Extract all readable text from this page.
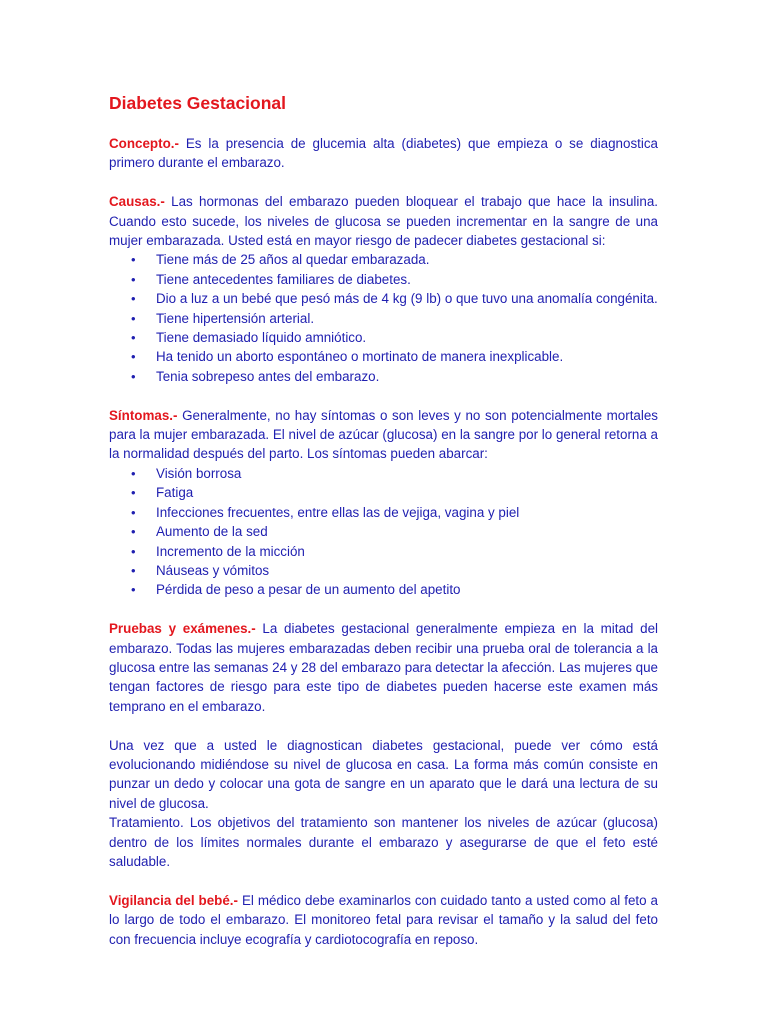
Diabetes Gestacional

Concepto.- Es la presencia de glucemia alta (diabetes) que empieza o se diagnostica primero durante el embarazo.

Causas.- Las hormonas del embarazo pueden bloquear el trabajo que hace la insulina. Cuando esto sucede, los niveles de glucosa se pueden incrementar en la sangre de una mujer embarazada. Usted está en mayor riesgo de padecer diabetes gestacional si:

• Tiene más de 25 años al quedar embarazada.
• Tiene antecedentes familiares de diabetes.
• Dio a luz a un bebé que pesó más de 4 kg (9 lb) o que tuvo una anomalía congénita.
• Tiene hipertensión arterial.
• Tiene demasiado líquido amniótico.
• Ha tenido un aborto espontáneo o mortinato de manera inexplicable.
• Tenia sobrepeso antes del embarazo.

Síntomas.- Generalmente, no hay síntomas o son leves y no son potencialmente mortales para la mujer embarazada. El nivel de azúcar (glucosa) en la sangre por lo general retorna a la normalidad después del parto. Los síntomas pueden abarcar:

• Visión borrosa
• Fatiga
• Infecciones frecuentes, entre ellas las de vejiga, vagina y piel
• Aumento de la sed
• Incremento de la micción
• Náuseas y vómitos
• Pérdida de peso a pesar de un aumento del apetito

Pruebas y exámenes.- La diabetes gestacional generalmente empieza en la mitad del embarazo. Todas las mujeres embarazadas deben recibir una prueba oral de tolerancia a la glucosa entre las semanas 24 y 28 del embarazo para detectar la afección. Las mujeres que tengan factores de riesgo para este tipo de diabetes pueden hacerse este examen más temprano en el embarazo.

Una vez que a usted le diagnostican diabetes gestacional, puede ver cómo está evolucionando midiéndose su nivel de glucosa en casa. La forma más común consiste en punzar un dedo y colocar una gota de sangre en un aparato que le dará una lectura de su nivel de glucosa.

Tratamiento. Los objetivos del tratamiento son mantener los niveles de azúcar (glucosa) dentro de los límites normales durante el embarazo y asegurarse de que el feto esté saludable.

Vigilancia del bebé.- El médico debe examinarlos con cuidado tanto a usted como al feto a lo largo de todo el embarazo. El monitoreo fetal para revisar el tamaño y la salud del feto con frecuencia incluye ecografía y cardiotocografía en reposo.
